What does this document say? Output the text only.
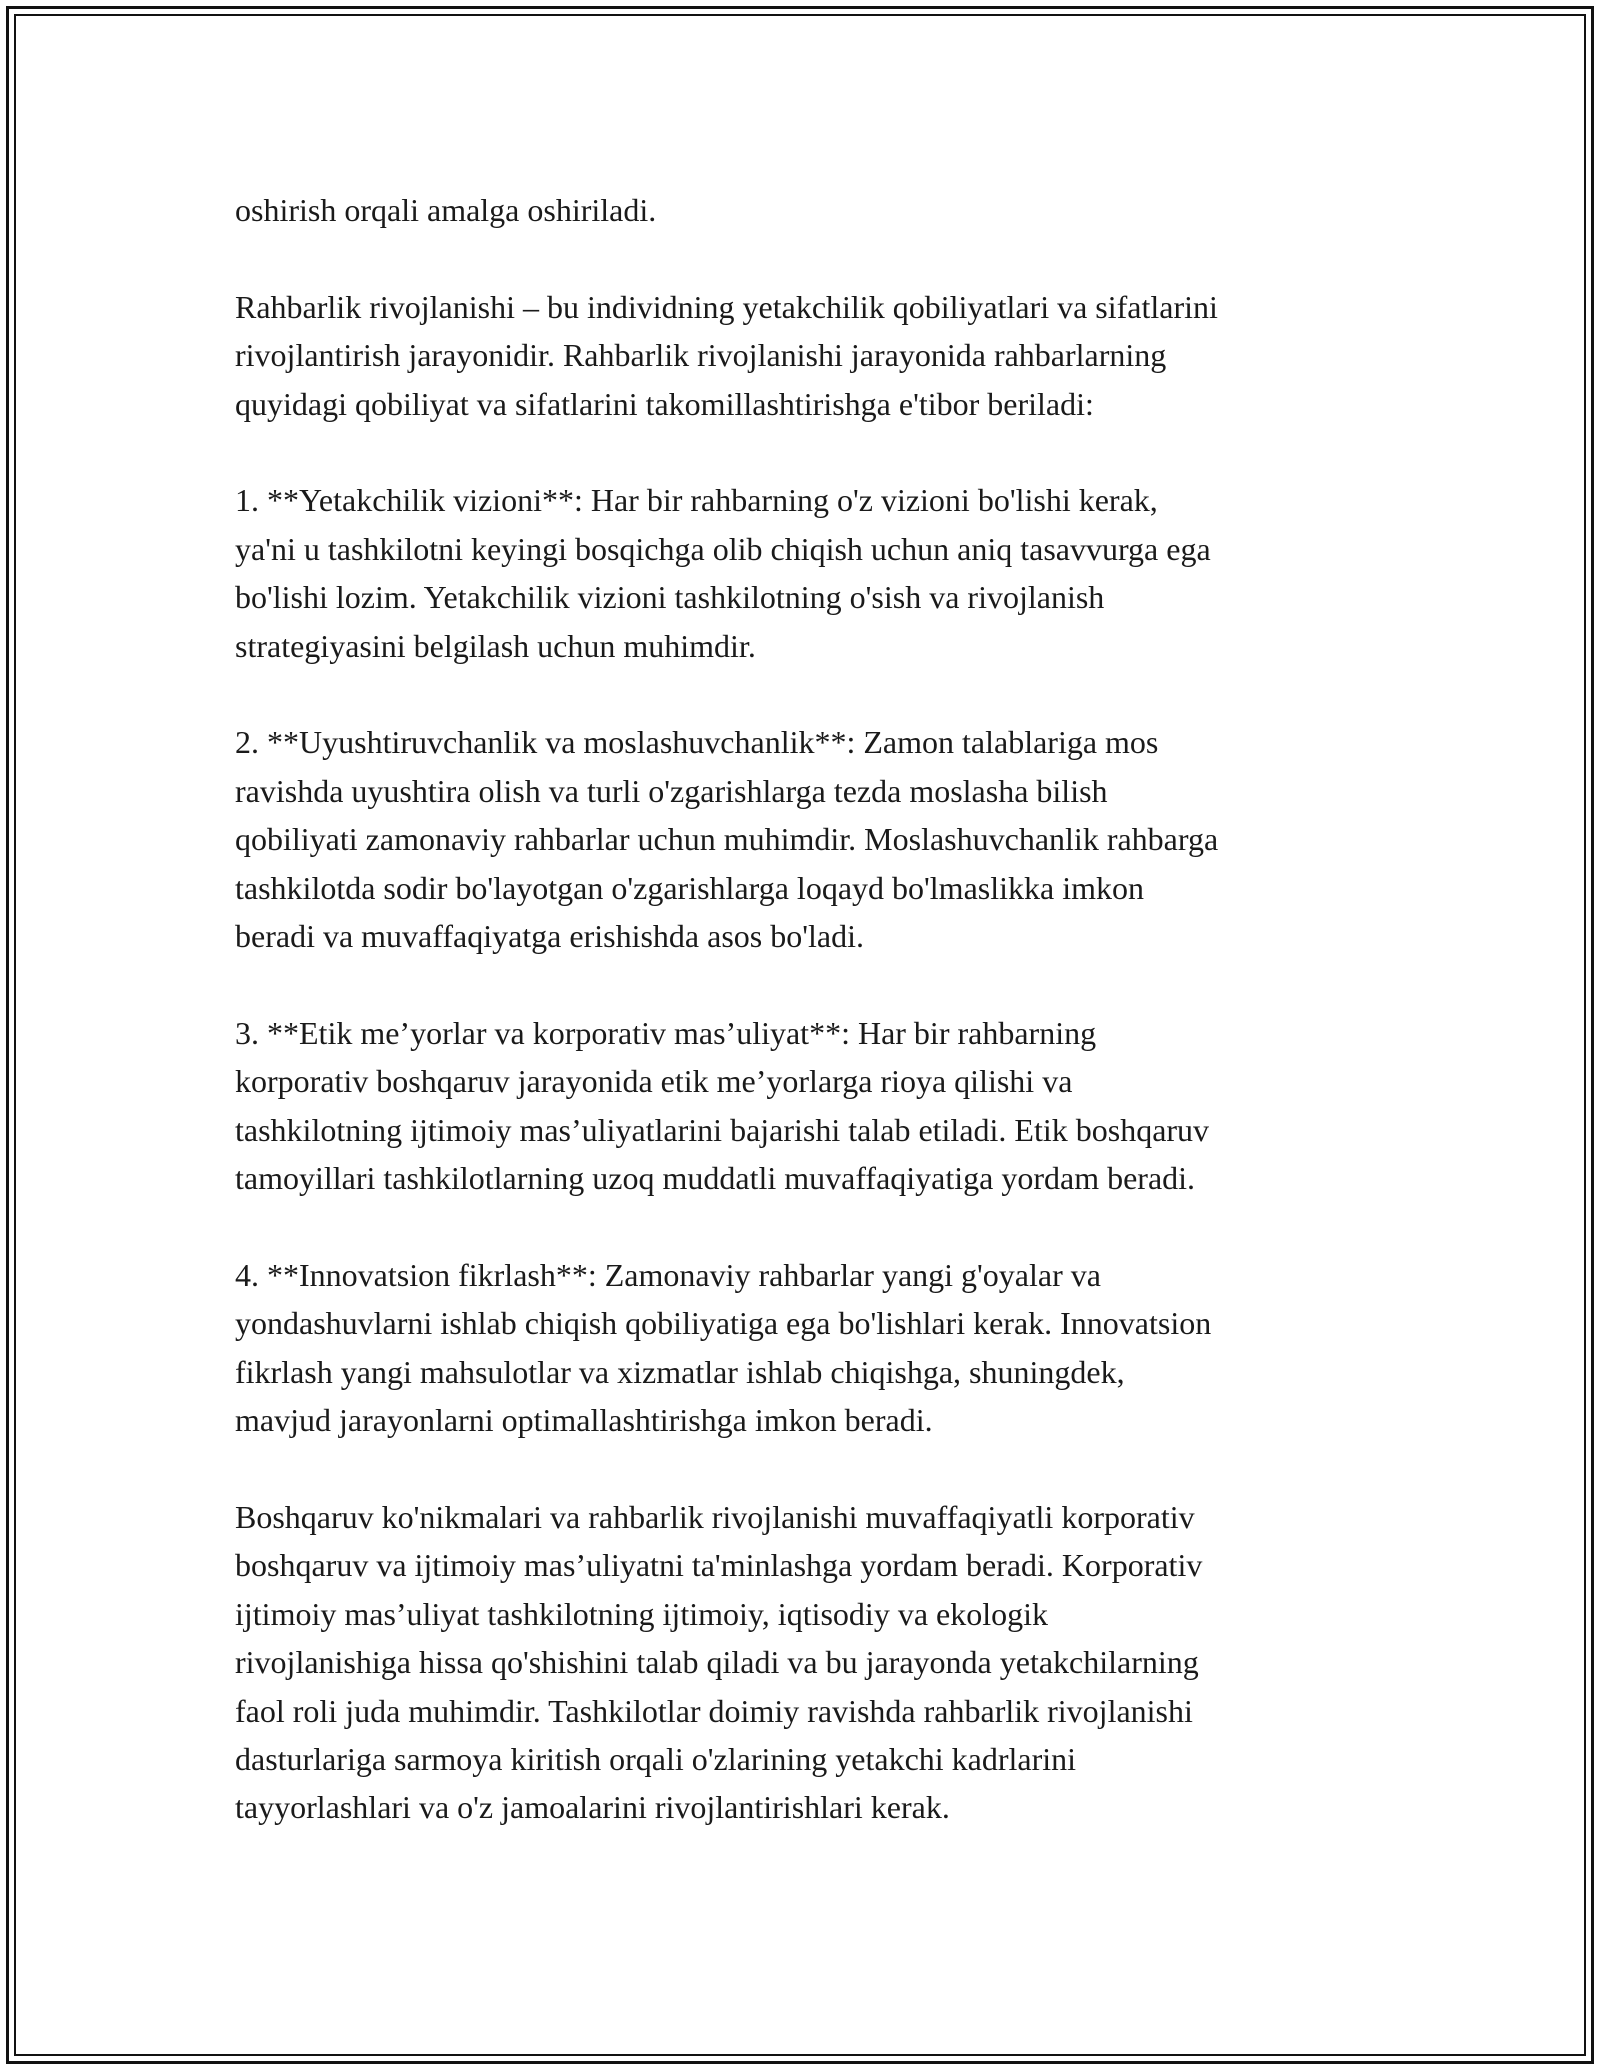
oshirish orqali amalga oshiriladi.

Rahbarlik rivojlanishi – bu individning yetakchilik qobiliyatlari va sifatlarini
rivojlantirish jarayonidir. Rahbarlik rivojlanishi jarayonida rahbarlarning
quyidagi qobiliyat va sifatlarini takomillashtirishga e'tibor beriladi:

1. **Yetakchilik vizioni**: Har bir rahbarning o'z vizioni bo'lishi kerak,
ya'ni u tashkilotni keyingi bosqichga olib chiqish uchun aniq tasavvurga ega
bo'lishi lozim. Yetakchilik vizioni tashkilotning o'sish va rivojlanish
strategiyasini belgilash uchun muhimdir.

2. **Uyushtiruvchanlik va moslashuvchanlik**: Zamon talablariga mos
ravishda uyushtira olish va turli o'zgarishlarga tezda moslasha bilish
qobiliyati zamonaviy rahbarlar uchun muhimdir. Moslashuvchanlik rahbarga
tashkilotda sodir bo'layotgan o'zgarishlarga loqayd bo'lmaslikka imkon
beradi va muvaffaqiyatga erishishda asos bo'ladi.

3. **Etik me’yorlar va korporativ mas’uliyat**: Har bir rahbarning
korporativ boshqaruv jarayonida etik me’yorlarga rioya qilishi va
tashkilotning ijtimoiy mas’uliyatlarini bajarishi talab etiladi. Etik boshqaruv
tamoyillari tashkilotlarning uzoq muddatli muvaffaqiyatiga yordam beradi.

4. **Innovatsion fikrlash**: Zamonaviy rahbarlar yangi g'oyalar va
yondashuvlarni ishlab chiqish qobiliyatiga ega bo'lishlari kerak. Innovatsion
fikrlash yangi mahsulotlar va xizmatlar ishlab chiqishga, shuningdek,
mavjud jarayonlarni optimallashtirishga imkon beradi.

Boshqaruv ko'nikmalari va rahbarlik rivojlanishi muvaffaqiyatli korporativ
boshqaruv va ijtimoiy mas’uliyatni ta'minlashga yordam beradi. Korporativ
ijtimoiy mas’uliyat tashkilotning ijtimoiy, iqtisodiy va ekologik
rivojlanishiga hissa qo'shishini talab qiladi va bu jarayonda yetakchilarning
faol roli juda muhimdir. Tashkilotlar doimiy ravishda rahbarlik rivojlanishi
dasturlariga sarmoya kiritish orqali o'zlarining yetakchi kadrlarini
tayyorlashlari va o'z jamoalarini rivojlantirishlari kerak.
